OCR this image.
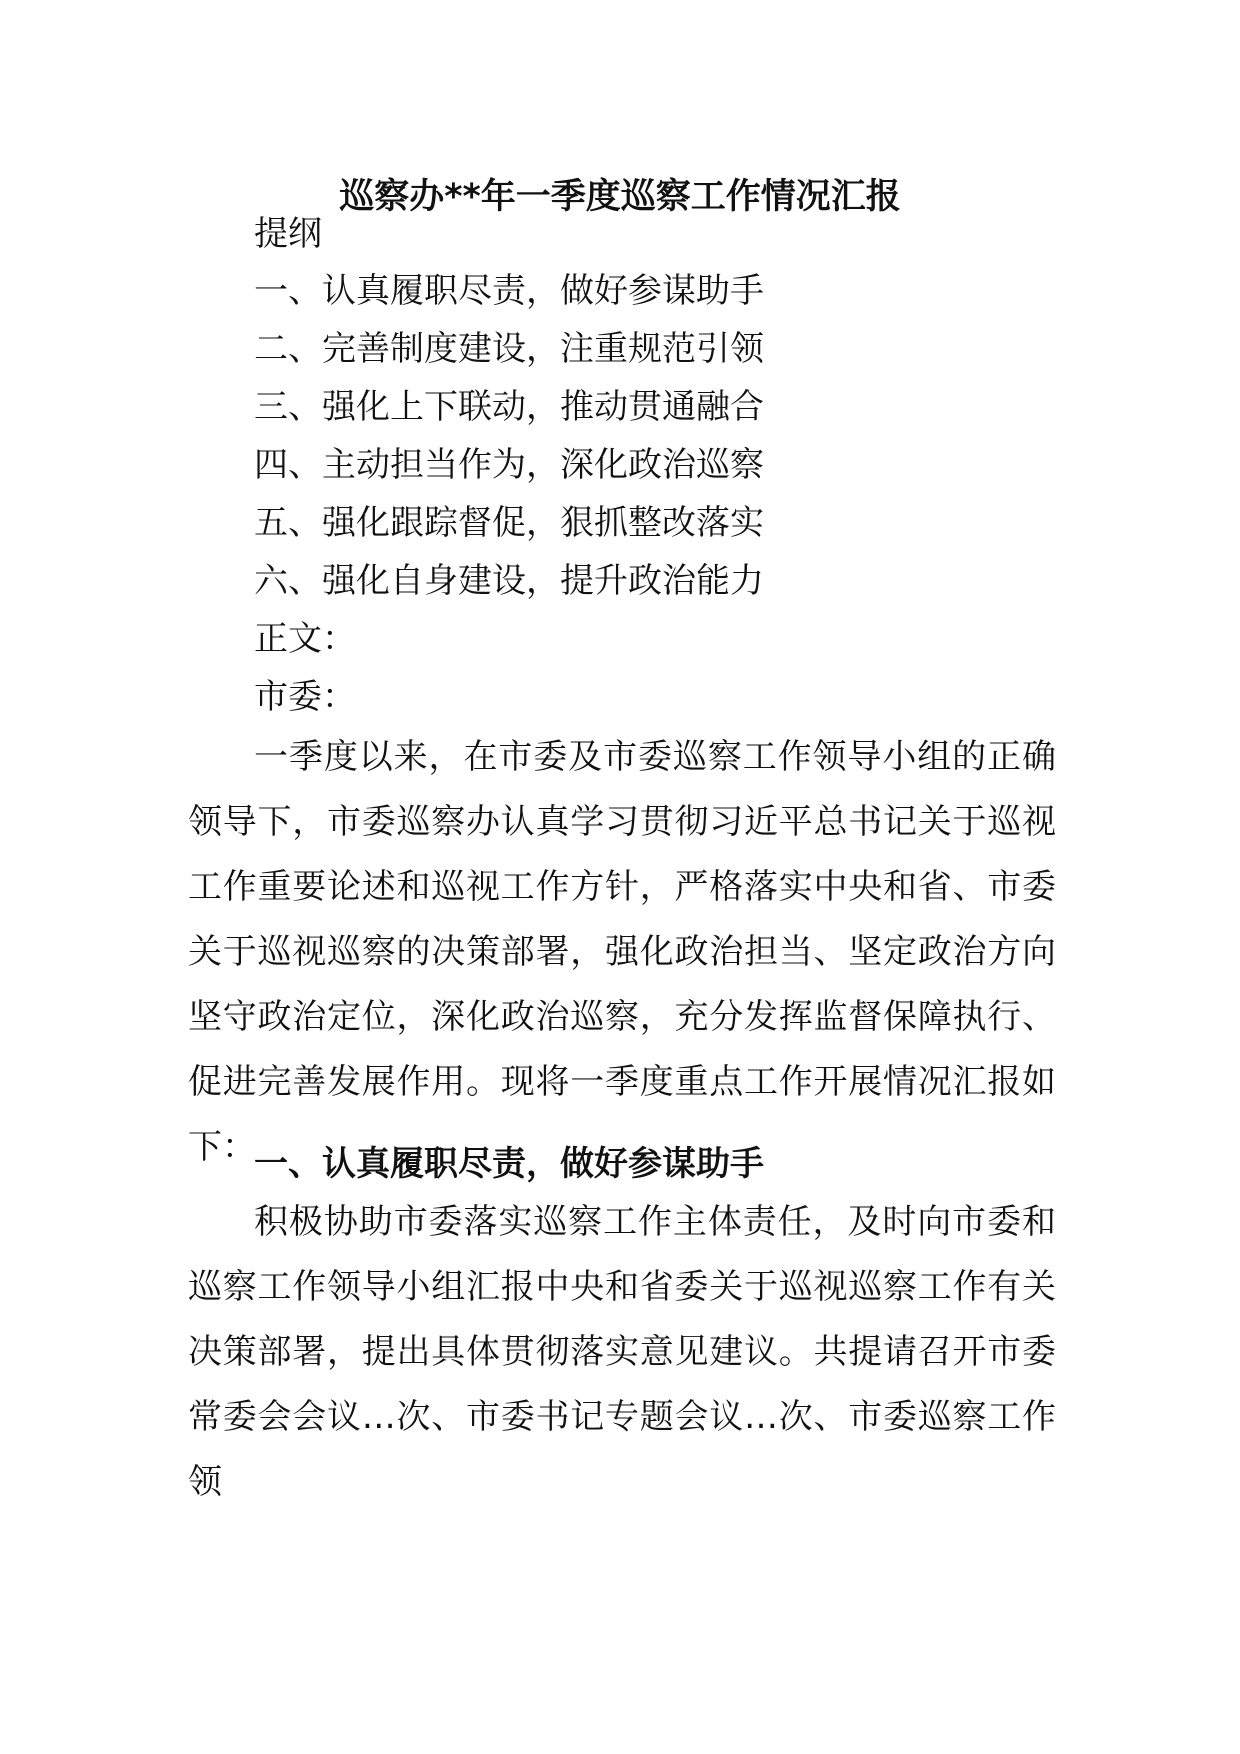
巡察办**年一季度巡察工作情况汇报
提纲
一、认真履职尽责，做好参谋助手
二、完善制度建设，注重规范引领
三、强化上下联动，推动贯通融合
四、主动担当作为，深化政治巡察
五、强化跟踪督促，狠抓整改落实
六、强化自身建设，提升政治能力
正文：
市委：

一季度以来，在市委及市委巡察工作领导小组的正确领导下，市委巡察办认真学习贯彻习近平总书记关于巡视工作重要论述和巡视工作方针，严格落实中央和省、市委关于巡视巡察的决策部署，强化政治担当、坚定政治方向坚守政治定位，深化政治巡察，充分发挥监督保障执行、促进完善发展作用。现将一季度重点工作开展情况汇报如下：

一、认真履职尽责，做好参谋助手

积极协助市委落实巡察工作主体责任，及时向市委和巡察工作领导小组汇报中央和省委关于巡视巡察工作有关决策部署，提出具体贯彻落实意见建议。共提请召开市委常委会会议…次、市委书记专题会议…次、市委巡察工作领
